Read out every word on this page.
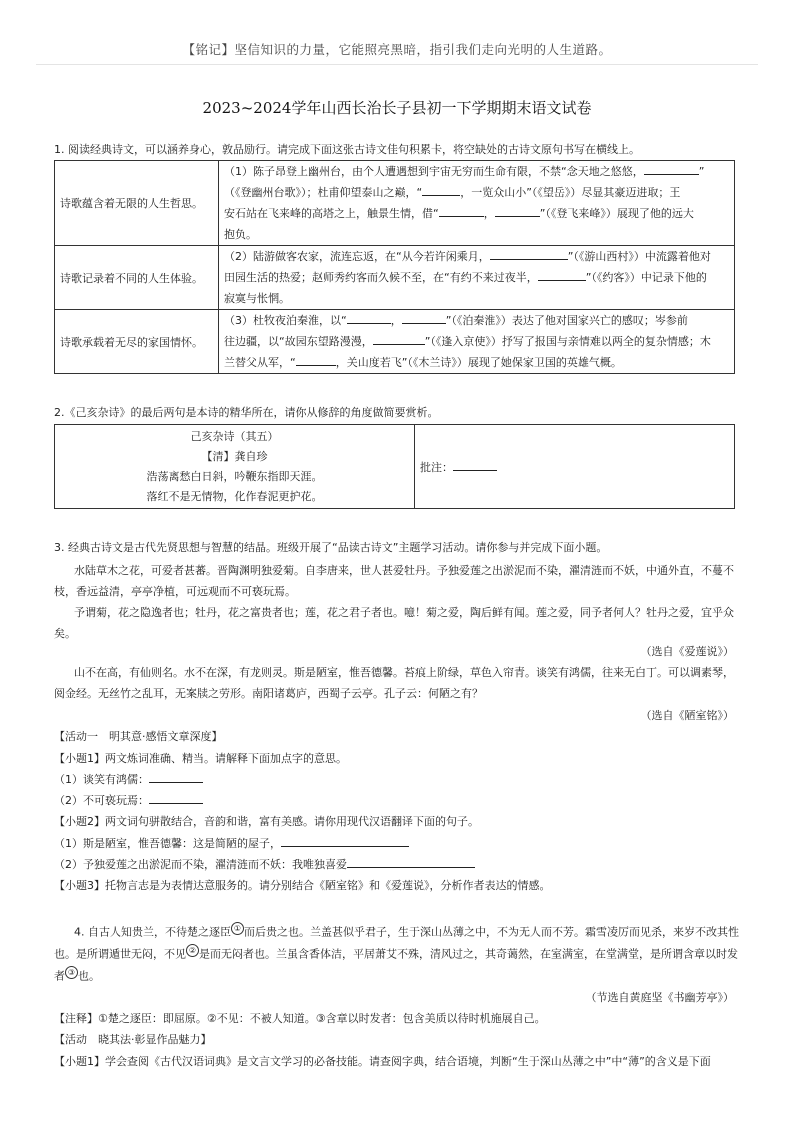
【铭记】坚信知识的力量，它能照亮黑暗，指引我们走向光明的人生道路。
2023~2024学年山西长治长子县初一下学期期末语文试卷
1. 阅读经典诗文，可以涵养身心，敦品励行。请完成下面这张古诗文佳句积累卡，将空缺处的古诗文原句书写在横线上。
诗歌蕴含着无限的人生哲思。	（1）陈子昂登上幽州台，由个人遭遇想到宇宙无穷而生命有限，不禁“念天地之悠悠， ”
（《登幽州台歌》）；杜甫仰望泰山之巅，“ ，一览众山小”（《望岳》）尽显其豪迈进取；王
安石站在飞来峰的高塔之上，触景生情，借“ ， ”（《登飞来峰》）展现了他的远大
抱负。

诗歌记录着不同的人生体验。	（2）陆游做客农家，流连忘返，在“从今若许闲乘月， ”（《游山西村》）中流露着他对
田园生活的热爱；赵师秀约客而久候不至，在“有约不来过夜半， ”（《约客》）中记录下他的
寂寞与怅惘。

诗歌承载着无尽的家国情怀。	（3）杜牧夜泊秦淮，以“ ， ”（《泊秦淮》）表达了他对国家兴亡的感叹；岑参前
往边疆，以“故园东望路漫漫， ”（《逢入京使》）抒写了报国与亲情难以两全的复杂情感；木
兰替父从军，“ ，关山度若飞”（《木兰诗》）展现了她保家卫国的英雄气概。
2.《己亥杂诗》的最后两句是本诗的精华所在，请你从修辞的角度做简要赏析。
己亥杂诗（其五）
【清】龚自珍
浩荡离愁白日斜，吟鞭东指即天涯。
落红不是无情物，化作春泥更护花。
	批注：
3. 经典古诗文是古代先贤思想与智慧的结晶。班级开展了“品读古诗文”主题学习活动。请你参与并完成下面小题。
水陆草木之花，可爱者甚蕃。晋陶渊明独爱菊。自李唐来，世人甚爱牡丹。予独爱莲之出淤泥而不染，濯清涟而不妖，中通外直，不蔓不
枝，香远益清，亭亭净植，可远观而不可亵玩焉。
予谓菊，花之隐逸者也；牡丹，花之富贵者也；莲，花之君子者也。噫！菊之爱，陶后鲜有闻。莲之爱，同予者何人？牡丹之爱，宜乎众
矣。
（选自《爱莲说》）
山不在高，有仙则名。水不在深，有龙则灵。斯是陋室，惟吾德馨。苔痕上阶绿，草色入帘青。谈笑有鸿儒，往来无白丁。可以调素琴，
阅金经。无丝竹之乱耳，无案牍之劳形。南阳诸葛庐，西蜀子云亭。孔子云：何陋之有？
（选自《陋室铭》）
【活动一　明其意·感悟文章深度】
【小题1】两文炼词准确、精当。请解释下面加点字的意思。
（1）谈笑有鸿儒：
（2）不可亵玩焉：
【小题2】两文词句骈散结合，音韵和谐，富有美感。请你用现代汉语翻译下面的句子。
（1）斯是陋室，惟吾德馨：这是简陋的屋子，
（2）予独爱莲之出淤泥而不染，濯清涟而不妖：我唯独喜爱
【小题3】托物言志是为表情达意服务的。请分别结合《陋室铭》和《爱莲说》，分析作者表达的情感。
4. 自古人知贵兰，不待楚之逐臣 ① 而后贵之也。兰盖甚似乎君子，生于深山丛薄之中，不为无人而不芳。霜雪凌厉而见杀，来岁不改其性
也。是所谓遁世无闷，不见 ② 是而无闷者也。兰虽含香体洁，平居萧艾不殊，清风过之，其奇蔼然，在室满室，在堂满堂，是所谓含章以时发
者 ③ 也。
（节选自黄庭坚《书幽芳亭》）
【注释】①楚之逐臣：即屈原。②不见：不被人知道。③含章以时发者：包含美质以待时机施展自己。
【活动　晓其法·彰显作品魅力】
【小题1】学会查阅《古代汉语词典》是文言文学习的必备技能。请查阅字典，结合语境，判断“生于深山丛薄之中”中“薄”的含义是下面
